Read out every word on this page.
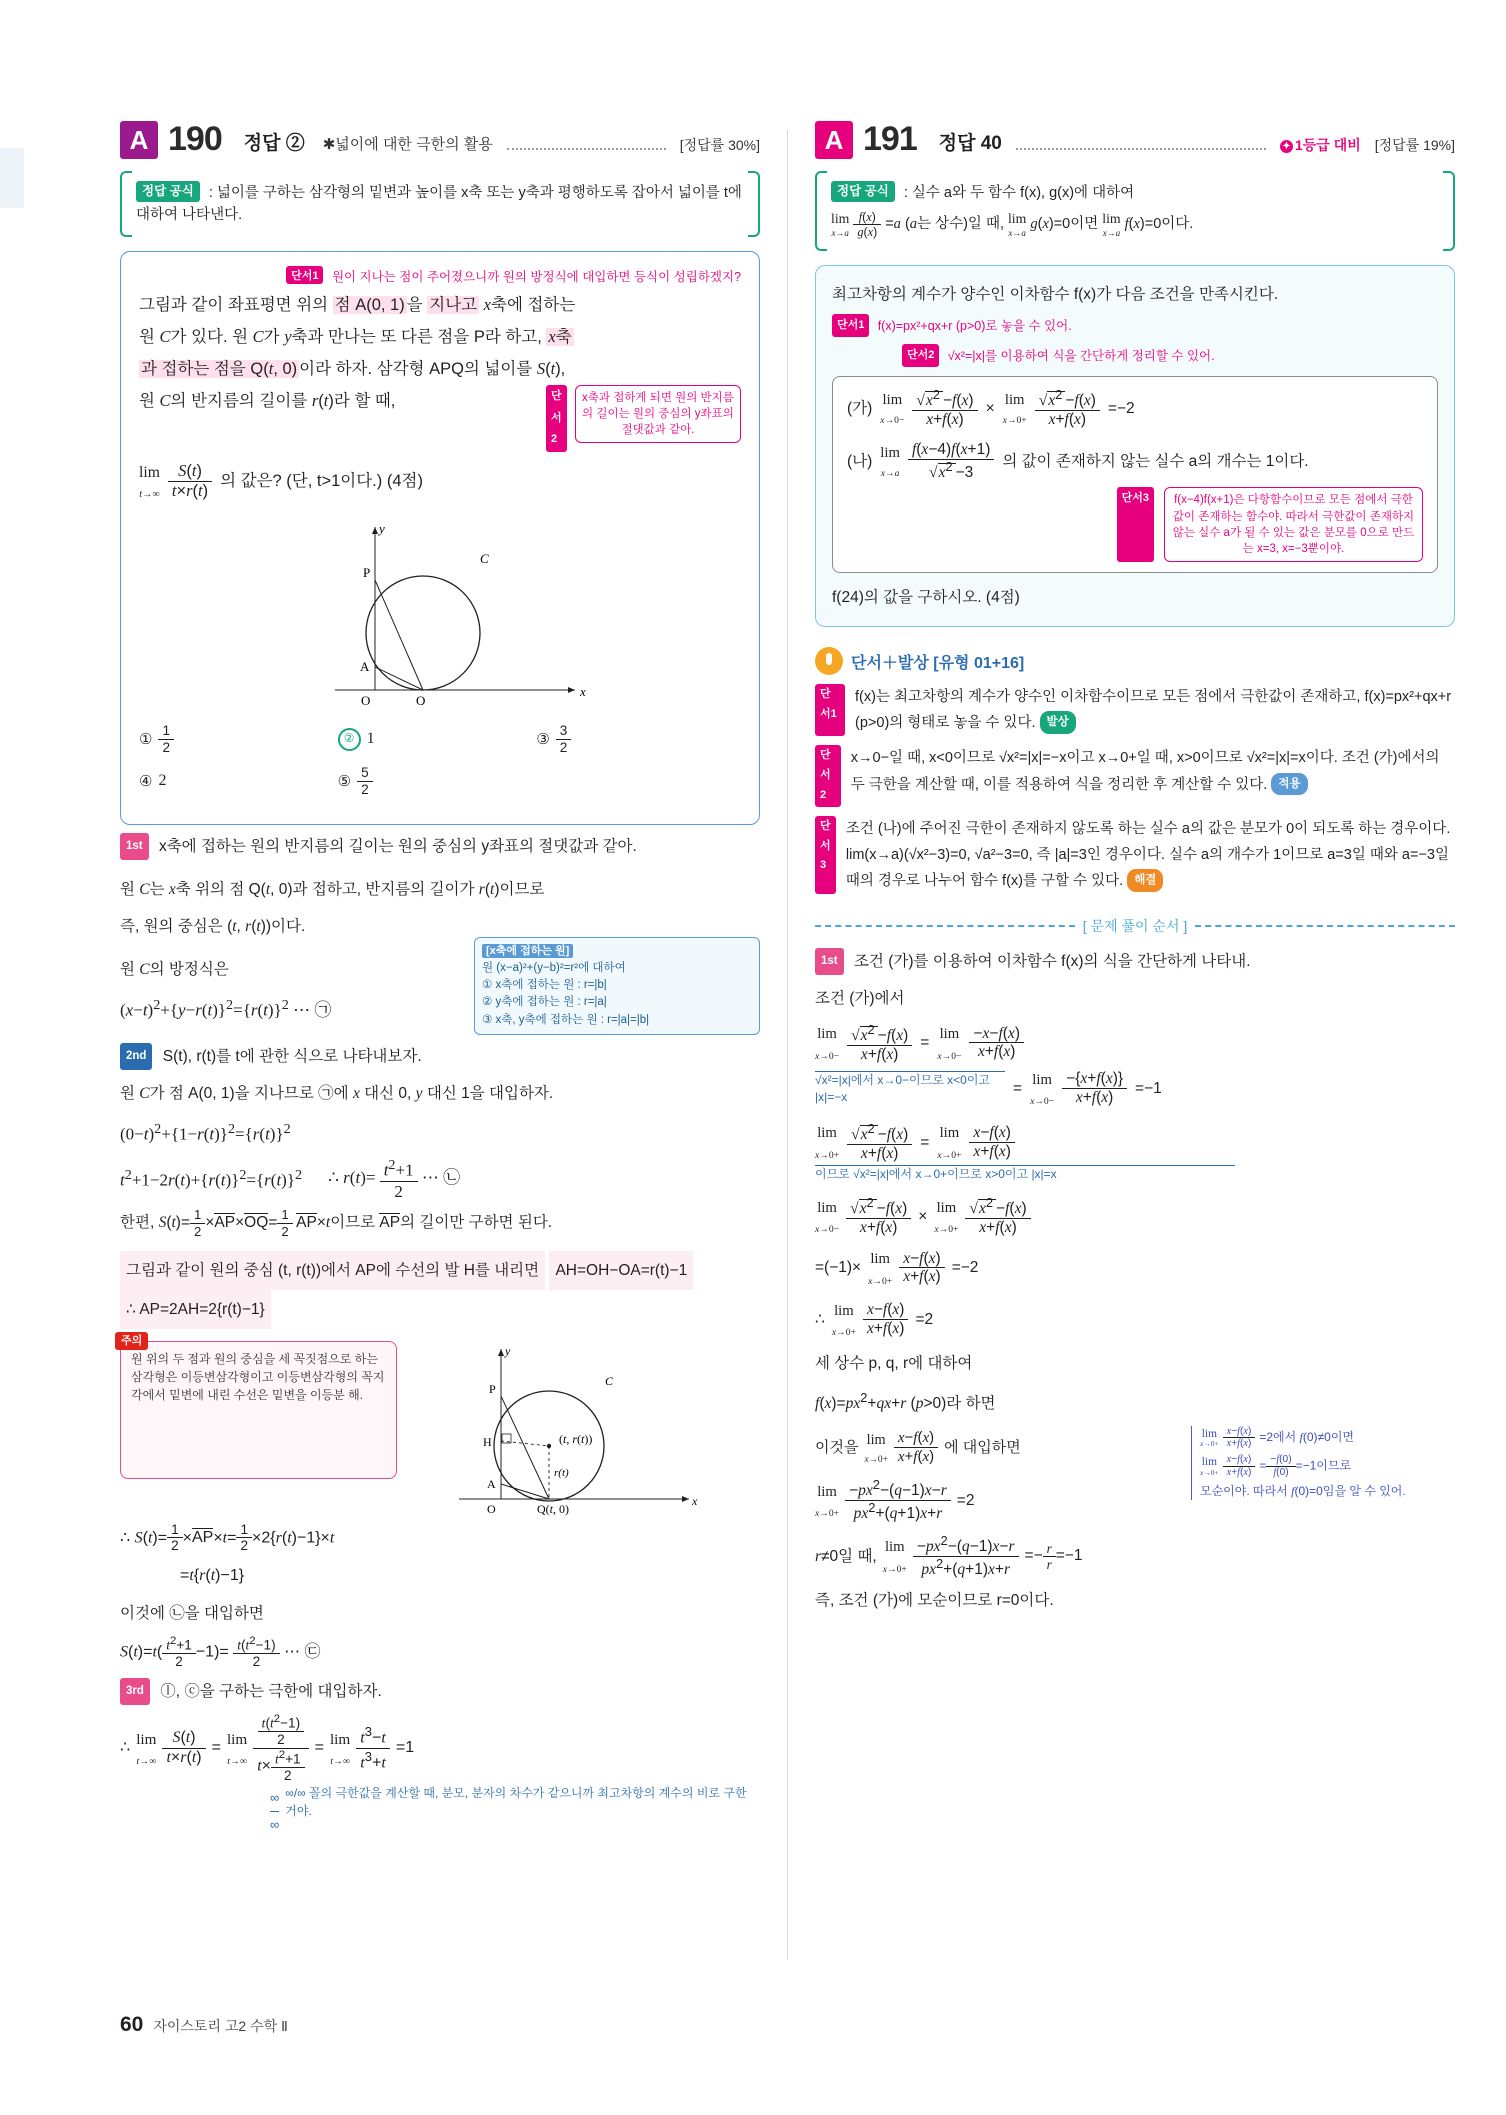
A 190 정답 ② ✱넓이에 대한 극한의 활용	[정답률 30%]
정답 공식 : 넓이를 구하는 삼각형의 밑변과 높이를 x축 또는 y축과 평행하도록 잡아서 넓이를 t에 대하여 나타낸다.
단서1 원이 지나는 점이 주어졌으니까 원의 방정식에 대입하면 등식이 성립하겠지?
그림과 같이 좌표평면 위의 점 A(0, 1) 을 지나고 x축에 접하는
원 C가 있다. 원 C가 y축과 만나는 또 다른 점을 P라 하고, x축
과 접하는 점을 Q(t, 0) 이라 하자. 삼각형 APQ의 넓이를 S(t),
원 C의 반지름의 길이를 r(t)라 할 때,	단서2
x축과 접하게 되면 원의 반지름의 길이는 원의 중심의 y좌표의 절댓값과 같아.
lim
$t\to\infty \frac{S(t)}{t\times r(t)}$ 의 값은? (단, t>1이다.) (4점)
P
C
A
O	Q
x
y
① $\frac{1}{2}$	② 1	③ $\frac{3}{2}$
④ 2	⑤ $\frac{5}{2}$

1st x축에 접하는 원의 반지름의 길이는 원의 중심의 y좌표의 절댓값과 같아.

원 C는 x축 위의 점 Q(t, 0)과 접하고, 반지름의 길이가 r(t)이므로

즉, 원의 중심은 (t, r(t))이다.

원 C의 방정식은

$(x-t)^2+\{y-r(t)\}^2=\{r(t)\}^2$ ⋯ ㉠
[x축에 접하는 원]
원 (x−a)²+(y−b)²=r²에 대하여
① x축에 접하는 원 : r=|b|
② y축에 접하는 원 : r=|a|
③ x축, y축에 접하는 원 : r=|a|=|b|

2nd S(t), r(t)를 t에 관한 식으로 나타내보자.

원 C가 점 A(0, 1)을 지나므로 ㉠에 x 대신 0, y 대신 1을 대입하자.

$(0-t)^2+\{1-r(t)\}^2=\{r(t)\}^2$

$t^2+1-2r(t)+\{r(t)\}^2=\{r(t)\}^2$ ∴ $r(t)= \frac{t^2+1}{2}$ ⋯ ㉡

한편, $S(t)= \frac{1}{2} \times AP\times OQ= \frac{1}{2} AP\times t$이므로 AP의 길이만 구하면 된다.

그림과 같이 원의 중심 (t, r(t))에서 AP에 수선의 발 H를 내리면 AH=OH−OA=r(t)−1 ∴ AP=2AH=2{r(t)−1}
주의
원 위의 두 점과 원의 중심을 세 꼭짓점으로 하는 삼각형은 이등변삼각형이고 이등변삼각형의 꼭지각에서 밑변에 내린 수선은 밑변을 이등분 해.	P
C
H
A
O	Q(t, 0)
(t, r(t))
r(t)
x
y

∴ $S(t)= \frac{1}{2} \times AP\times t= \frac{1}{2} \times 2\{r(t)-1\}\times t$

=t{r(t)−1}

이것에 ㉡을 대입하면

$S(t)=t( \frac{t^2+1}{2} -1)= \frac{t(t^2-1)}{2}$ ⋯ ㉢

3rd ⓛ, ⓒ을 구하는 극한에 대입하자.

∴
lim
$t\to\infty \frac{S(t)}{t\times r(t)}$ =
lim
$t\to\infty \frac{\frac{t(t^2-1)}{2}}{t\times \frac{t^2+1}{2}}$ =
lim
$t\to\infty \frac{t^3-t}{t^3+t} =1$
∞

∞
∞/∞ 꼴의 극한값을 계산할 때, 분모, 분자의 차수가 같으니까 최고차항의 계수의 비로 구한 거야.
A 191 정답 40	✦ 1등급 대비 [정답률 19%]
정답 공식 : 실수 a와 두 함수 f(x), g(x)에 대하여
lim
$x\to a \frac{f(x)}{g(x)} =a$ (a는 상수)일 때, lim
x→a
g(x)=0이면 lim
x→a
f(x)=0이다.
최고차항의 계수가 양수인 이차함수 f(x)가 다음 조건을 만족시킨다.
단서1 f(x)=px²+qx+r (p>0)로 놓을 수 있어.
단서2 √x²=|x|를 이용하여 식을 간단하게 정리할 수 있어.
(가) lim
$x\to 0- \frac{√x^2 -f(x)}{x+f(x)} \times \lim$
$x\to 0+ \frac{√x^2 -f(x)}{x+f(x)} =-2$
(나) lim
$x\to a \frac{f(x-4)f(x+1)}{√x^2 -3}$ 의 값이 존재하지 않는 실수 a의 개수는 1이다.
단서3	f(x−4)f(x+1)은 다항함수이므로 모든 점에서 극한값이 존재하는 함수야. 따라서 극한값이 존재하지 않는 실수 a가 될 수 있는 값은 분모를 0으로 만드는 x=3, x=−3뿐이야.
f(24)의 값을 구하시오. (4점)
단서＋발상 [유형 01+16]
단서1
f(x)는 최고차항의 계수가 양수인 이차함수이므로 모든 점에서 극한값이 존재하고, f(x)=px²+qx+r (p>0)의 형태로 놓을 수 있다. 발상
단서2
x→0−일 때, x<0이므로 √x²=|x|=−x이고 x→0+일 때, x>0이므로 √x²=|x|=x이다. 조건 (가)에서의 두 극한을 계산할 때, 이를 적용하여 식을 정리한 후 계산할 수 있다. 적용
단서3
조건 (나)에 주어진 극한이 존재하지 않도록 하는 실수 a의 값은 분모가 0이 되도록 하는 경우이다. lim(x→a)(√x²−3)=0, √a²−3=0, 즉 |a|=3인 경우이다. 실수 a의 개수가 1이므로 a=3일 때와 a=−3일 때의 경우로 나누어 함수 f(x)를 구할 수 있다. 해결
[ 문제 풀이 순서 ]

1st 조건 (가)를 이용하여 이차함수 f(x)의 식을 간단하게 나타내.

조건 (가)에서

lim
$x\to 0- \frac{√x^2 -f(x)}{x+f(x)}$ =
lim
$x\to 0- \frac{-x-f(x)}{x+f(x)}$
√x²=|x|에서 x→0−이므로 x<0이고 |x|=−x	=
lim
$x\to 0- \frac{-\{x+f(x)\}}{x+f(x)} =-1$
lim
$x\to 0+ \frac{√x^2 -f(x)}{x+f(x)}$ =
lim
$x\to 0+ \frac{x-f(x)}{x+f(x)}$
이므로 √x²=|x|에서 x→0+이므로 x>0이고 |x|=x
lim
$x\to 0- \frac{√x^2 -f(x)}{x+f(x)}$ ×
lim
$x\to 0+ \frac{√x^2 -f(x)}{x+f(x)}$
=(−1)×
lim
$x\to 0+ \frac{x-f(x)}{x+f(x)} =-2$
∴
lim
$x\to 0+ \frac{x-f(x)}{x+f(x)} =2$

세 상수 p, q, r에 대하여

$f(x)=px^2+qx+r$ (p>0)라 하면

이것을 lim
$x\to 0+ \frac{x-f(x)}{x+f(x)}$ 에 대입하면
lim
$x\to 0+ \frac{-px^2-(q-1)x-r}{px^2+(q+1)x+r} =2$
lim
$x\to 0+ \frac{x-f(x)}{x+f(x)} =2$에서 f(0)≠0이면
lim
$x\to 0+ \frac{x-f(x)}{x+f(x)} = \frac{-f(0)}{f(0)} =-1$이므로
모순이야. 따라서 f(0)=0임을 알 수 있어.
r≠0일 때,
lim
$x\to 0+ \frac{-px^2-(q-1)x-r}{px^2+(q+1)x+r} =- \frac{r}{r} =-1$

즉, 조건 (가)에 모순이므로 r=0이다.

60 자이스토리 고2 수학 Ⅱ
